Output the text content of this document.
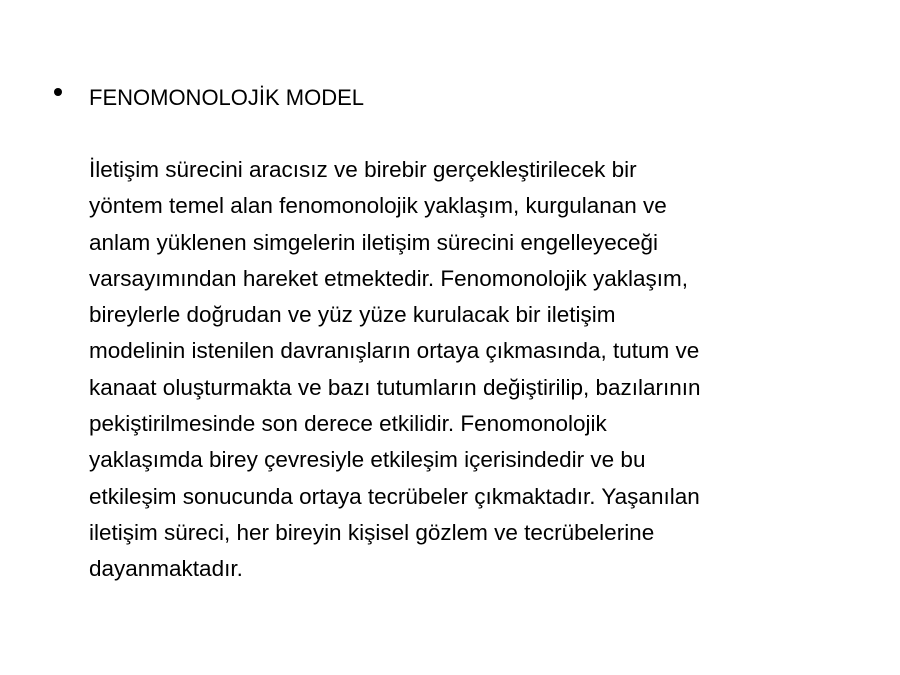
FENOMONOLOJİK MODEL

İletişim sürecini aracısız ve birebir gerçekleştirilecek bir
yöntem temel alan fenomonolojik yaklaşım, kurgulanan ve
anlam yüklenen simgelerin iletişim sürecini engelleyeceği
varsayımından hareket etmektedir. Fenomonolojik yaklaşım,
bireylerle doğrudan ve yüz yüze kurulacak bir iletişim
modelinin istenilen davranışların ortaya çıkmasında, tutum ve
kanaat oluşturmakta ve bazı tutumların değiştirilip, bazılarının
pekiştirilmesinde son derece etkilidir. Fenomonolojik
yaklaşımda birey çevresiyle etkileşim içerisindedir ve bu
etkileşim sonucunda ortaya tecrübeler çıkmaktadır. Yaşanılan
iletişim süreci, her bireyin kişisel gözlem ve tecrübelerine
dayanmaktadır.
